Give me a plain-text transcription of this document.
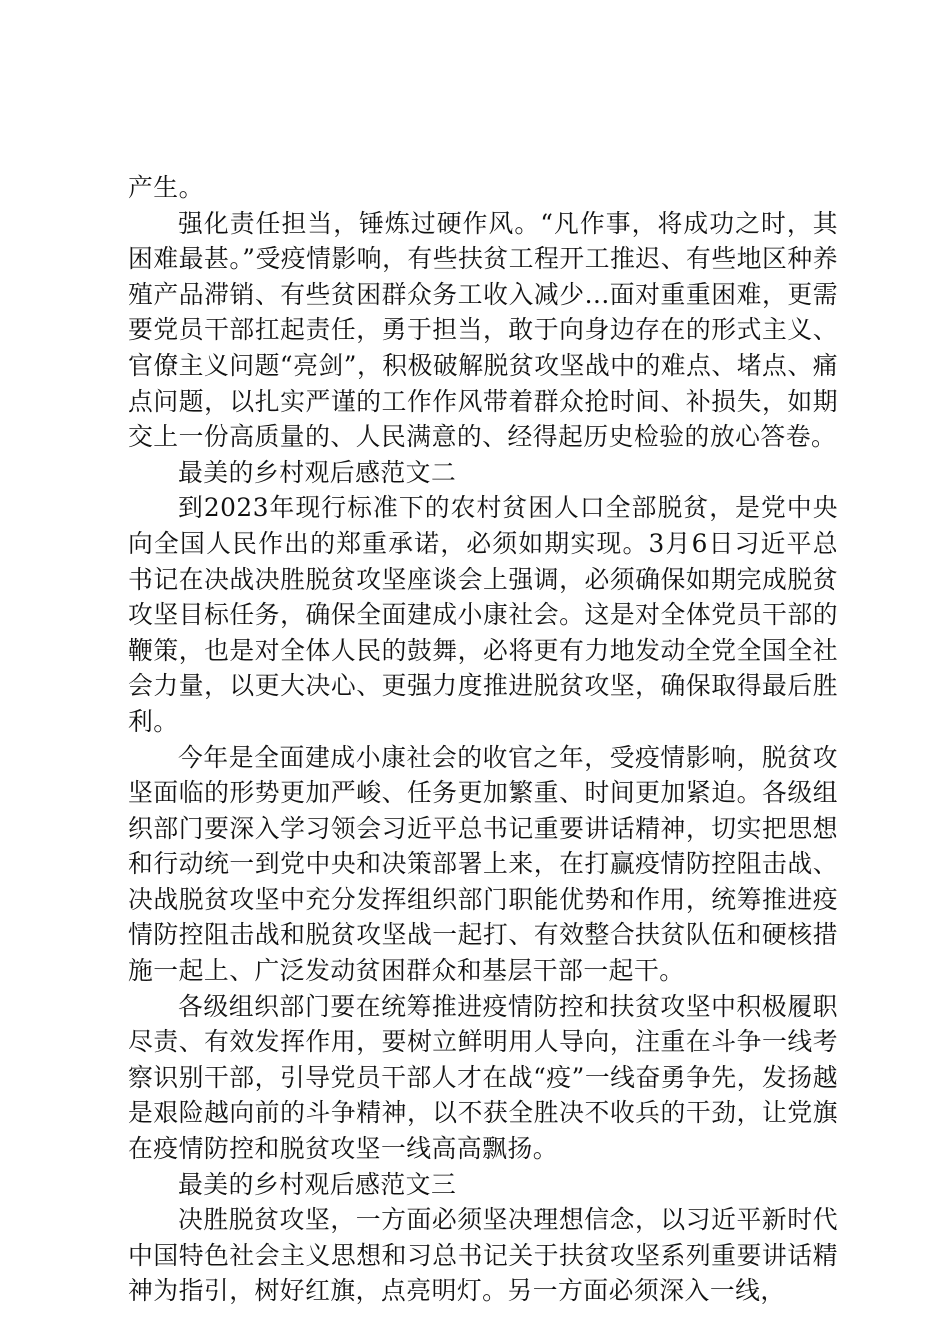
产生。

强化责任担当，锤炼过硬作风。“凡作事，将成功之时，其困难最甚。”受疫情影响，有些扶贫工程开工推迟、有些地区种养殖产品滞销、有些贫困群众务工收入减少...面对重重困难，更需要党员干部扛起责任，勇于担当，敢于向身边存在的形式主义、官僚主义问题“亮剑”，积极破解脱贫攻坚战中的难点、堵点、痛点问题，以扎实严谨的工作作风带着群众抢时间、补损失，如期交上一份高质量的、人民满意的、经得起历史检验的放心答卷。

最美的乡村观后感范文二

到2023年现行标准下的农村贫困人口全部脱贫，是党中央向全国人民作出的郑重承诺，必须如期实现。3月6日习近平总书记在决战决胜脱贫攻坚座谈会上强调，必须确保如期完成脱贫攻坚目标任务，确保全面建成小康社会。这是对全体党员干部的鞭策，也是对全体人民的鼓舞，必将更有力地发动全党全国全社会力量，以更大决心、更强力度推进脱贫攻坚，确保取得最后胜利。

今年是全面建成小康社会的收官之年，受疫情影响，脱贫攻坚面临的形势更加严峻、任务更加繁重、时间更加紧迫。各级组织部门要深入学习领会习近平总书记重要讲话精神，切实把思想和行动统一到党中央和决策部署上来，在打赢疫情防控阻击战、决战脱贫攻坚中充分发挥组织部门职能优势和作用，统筹推进疫情防控阻击战和脱贫攻坚战一起打、有效整合扶贫队伍和硬核措施一起上、广泛发动贫困群众和基层干部一起干。

各级组织部门要在统筹推进疫情防控和扶贫攻坚中积极履职尽责、有效发挥作用，要树立鲜明用人导向，注重在斗争一线考察识别干部，引导党员干部人才在战“疫”一线奋勇争先，发扬越是艰险越向前的斗争精神，以不获全胜决不收兵的干劲，让党旗在疫情防控和脱贫攻坚一线高高飘扬。

最美的乡村观后感范文三

决胜脱贫攻坚，一方面必须坚决理想信念，以习近平新时代中国特色社会主义思想和习总书记关于扶贫攻坚系列重要讲话精神为指引，树好红旗，点亮明灯。另一方面必须深入一线，
